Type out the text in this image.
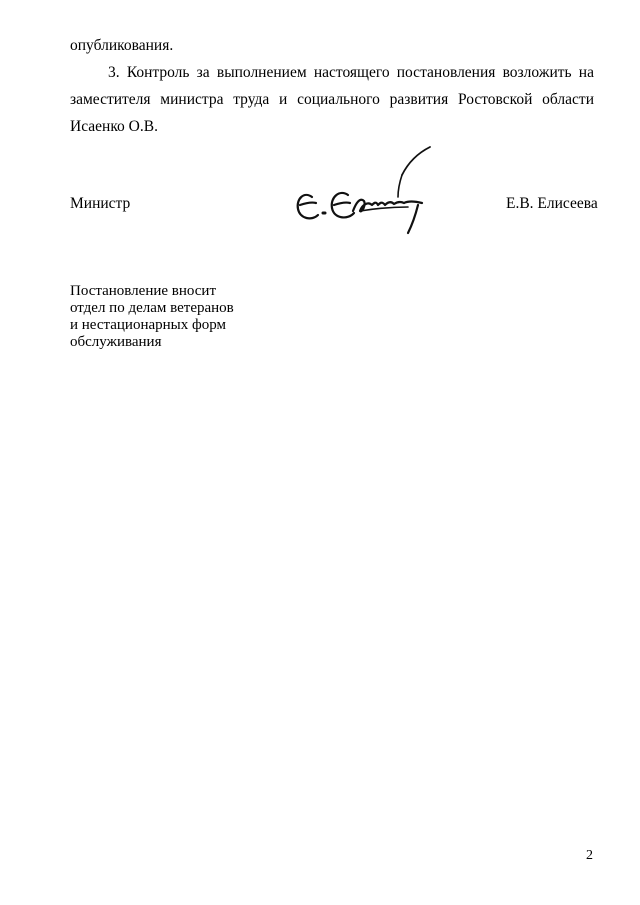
опубликования.
3. Контроль за выполнением настоящего постановления возложить на
заместителя министра труда и социального развития Ростовской области
Исаенко О.В.
Министр	Е.В. Елисеева
Постановление вносит
отдел по делам ветеранов
и нестационарных форм
обслуживания
2
